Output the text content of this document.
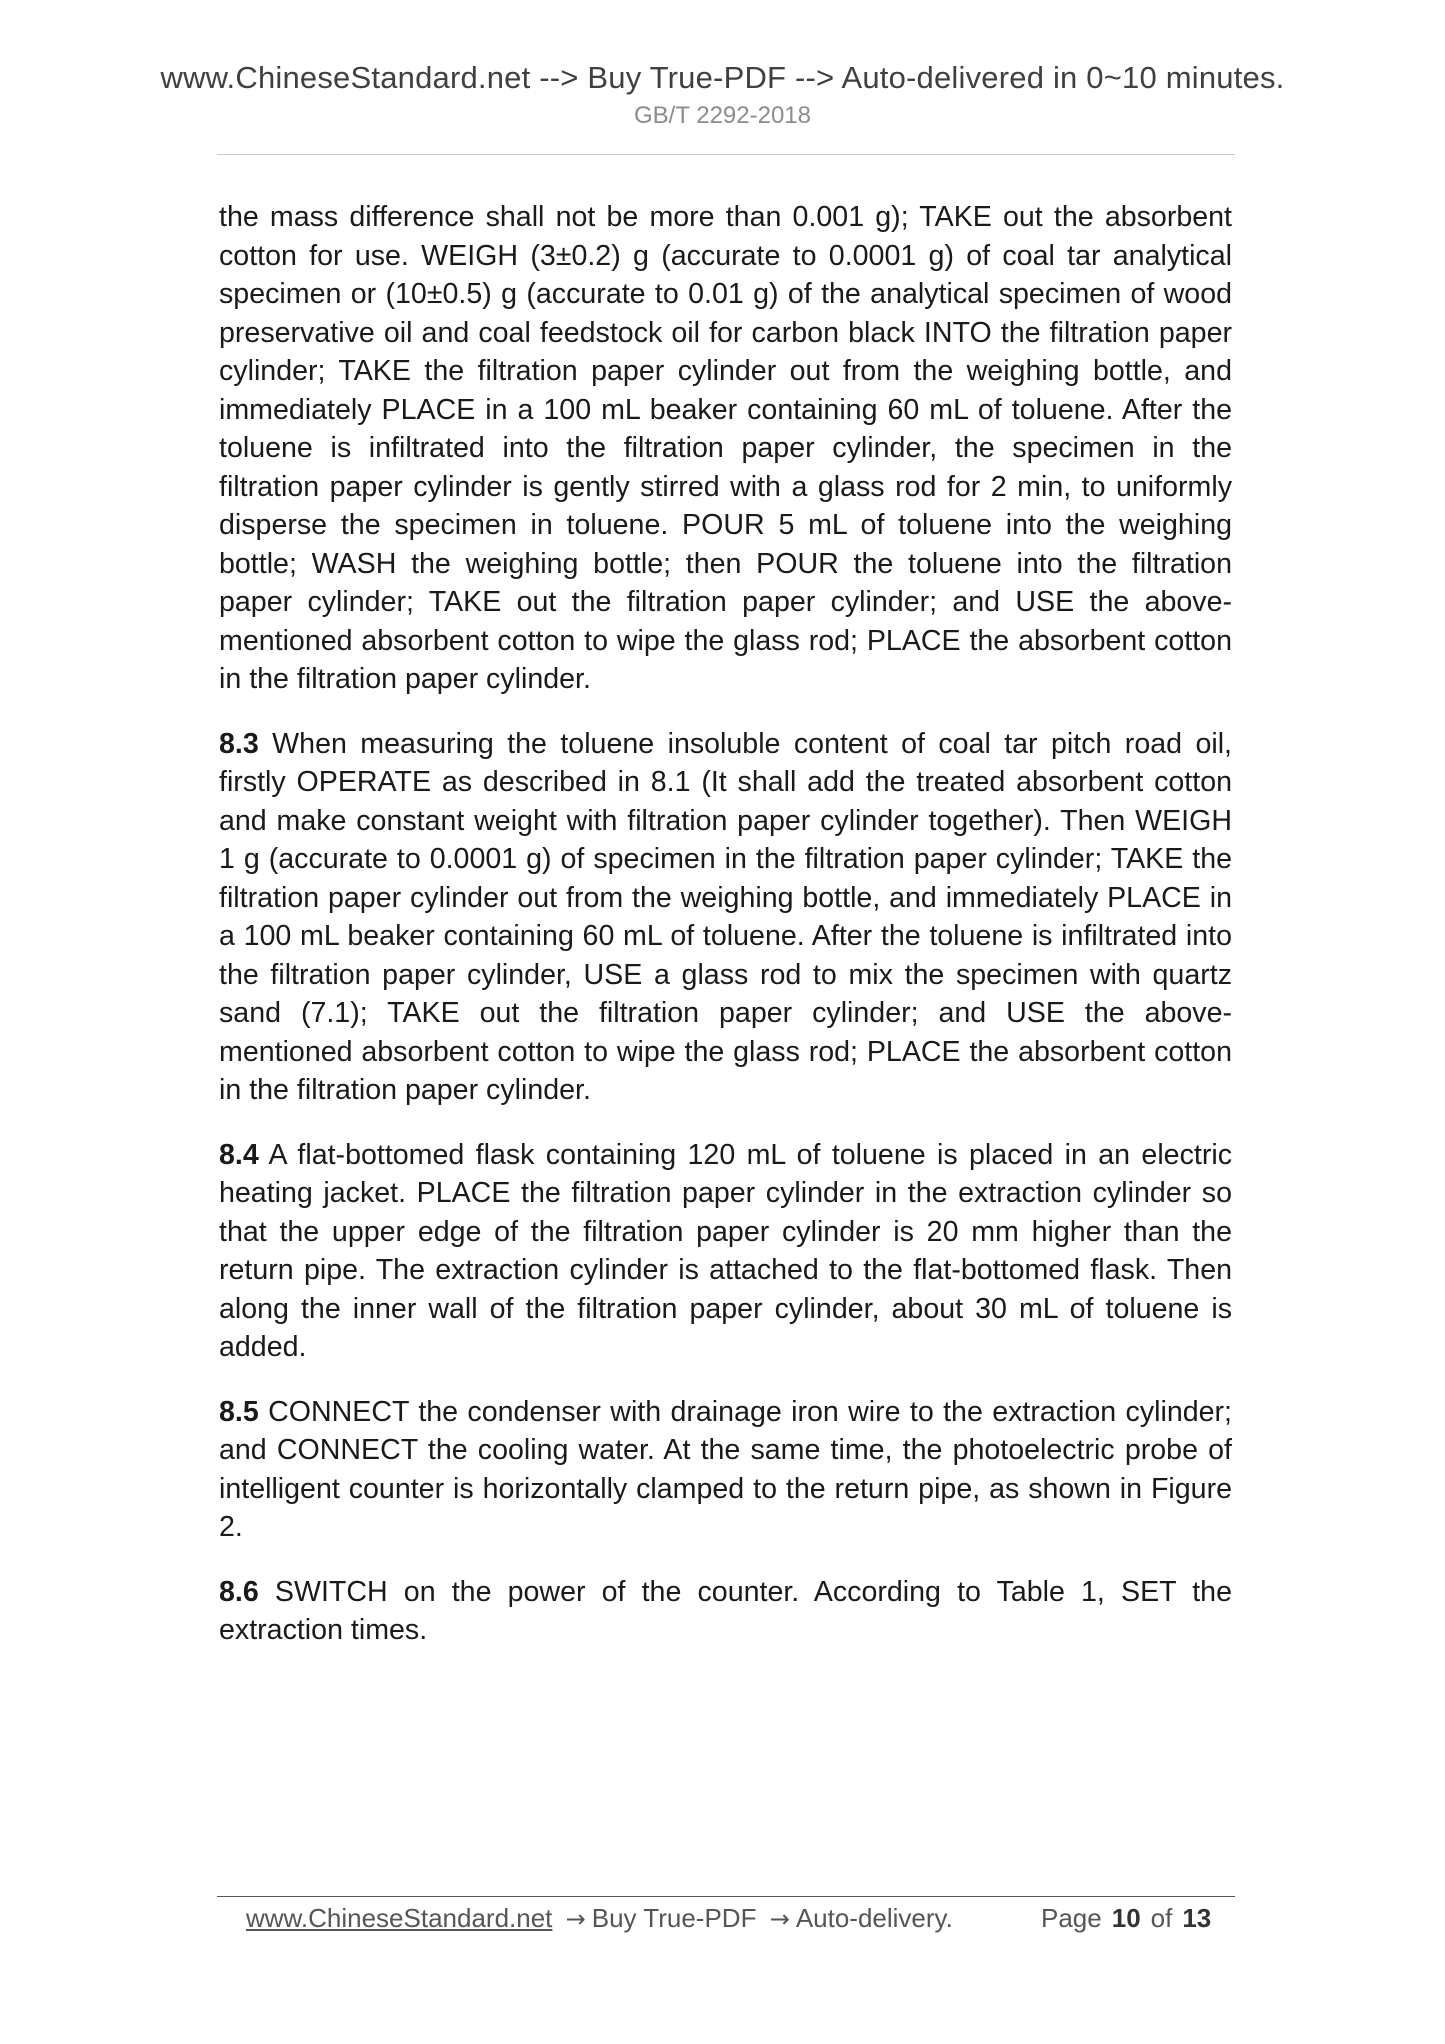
www.ChineseStandard.net --> Buy True-PDF --> Auto-delivered in 0~10 minutes.
GB/T 2292-2018

the mass difference shall not be more than 0.001 g); TAKE out the absorbent cotton for use. WEIGH (3±0.2) g (accurate to 0.0001 g) of coal tar analytical specimen or (10±0.5) g (accurate to 0.01 g) of the analytical specimen of wood preservative oil and coal feedstock oil for carbon black INTO the filtration paper cylinder; TAKE the filtration paper cylinder out from the weighing bottle, and immediately PLACE in a 100 mL beaker containing 60 mL of toluene. After the toluene is infiltrated into the filtration paper cylinder, the specimen in the filtration paper cylinder is gently stirred with a glass rod for 2 min, to uniformly disperse the specimen in toluene. POUR 5 mL of toluene into the weighing bottle; WASH the weighing bottle; then POUR the toluene into the filtration paper cylinder; TAKE out the filtration paper cylinder; and USE the above-mentioned absorbent cotton to wipe the glass rod; PLACE the absorbent cotton in the filtration paper cylinder.

8.3 When measuring the toluene insoluble content of coal tar pitch road oil, firstly OPERATE as described in 8.1 (It shall add the treated absorbent cotton and make constant weight with filtration paper cylinder together). Then WEIGH 1 g (accurate to 0.0001 g) of specimen in the filtration paper cylinder; TAKE the filtration paper cylinder out from the weighing bottle, and immediately PLACE in a 100 mL beaker containing 60 mL of toluene. After the toluene is infiltrated into the filtration paper cylinder, USE a glass rod to mix the specimen with quartz sand (7.1); TAKE out the filtration paper cylinder; and USE the above-mentioned absorbent cotton to wipe the glass rod; PLACE the absorbent cotton in the filtration paper cylinder.

8.4 A flat-bottomed flask containing 120 mL of toluene is placed in an electric heating jacket. PLACE the filtration paper cylinder in the extraction cylinder so that the upper edge of the filtration paper cylinder is 20 mm higher than the return pipe. The extraction cylinder is attached to the flat-bottomed flask. Then along the inner wall of the filtration paper cylinder, about 30 mL of toluene is added.

8.5 CONNECT the condenser with drainage iron wire to the extraction cylinder; and CONNECT the cooling water. At the same time, the photoelectric probe of intelligent counter is horizontally clamped to the return pipe, as shown in Figure 2.

8.6 SWITCH on the power of the counter. According to Table 1, SET the extraction times.

www.ChineseStandard.net → Buy True-PDF → Auto-delivery.	Page 10 of 13
